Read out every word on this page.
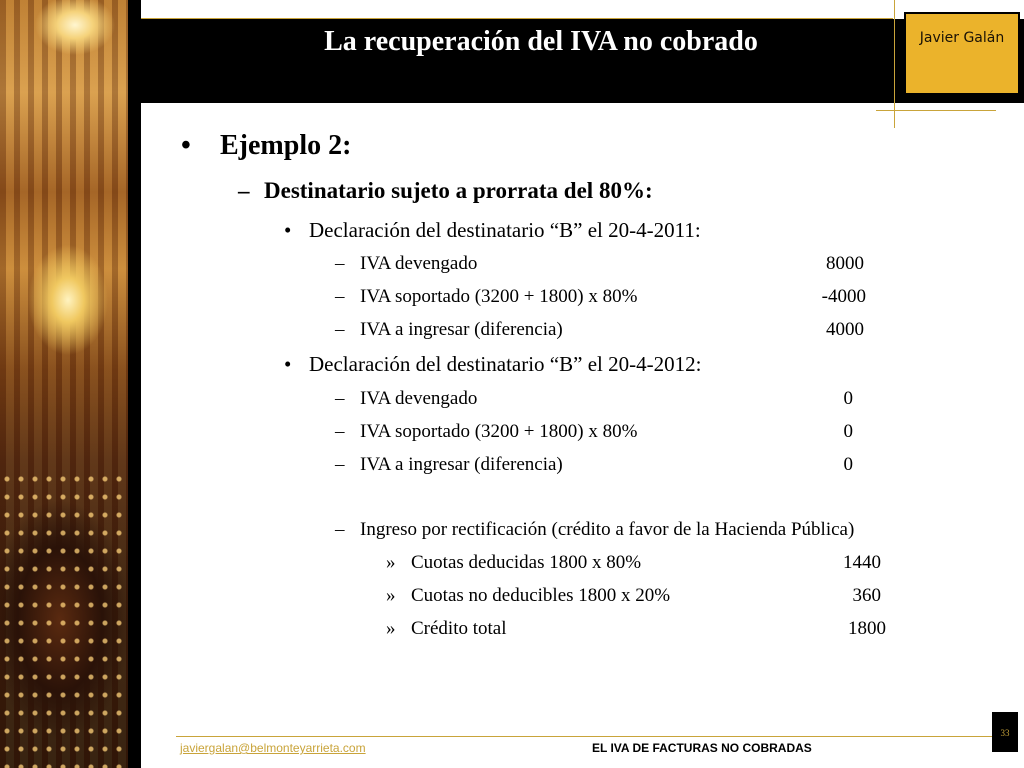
La recuperación del IVA no cobrado	Javier Galán
• Ejemplo 2:
– Destinatario sujeto a prorrata del 80%:
• Declaración del destinatario “B” el 20-4-2011:
– IVA devengado	8000
– IVA soportado (3200 + 1800) x 80%	-4000
– IVA a ingresar (diferencia)	4000
• Declaración del destinatario “B” el 20-4-2012:
– IVA devengado	0
– IVA soportado (3200 + 1800) x 80%	0
– IVA a ingresar (diferencia)	0
– Ingreso por rectificación (crédito a favor de la Hacienda Pública)
» Cuotas deducidas 1800 x 80%	1440
» Cuotas no deducibles 1800 x 20%	360
» Crédito total	1800
javiergalan@belmonteyarrieta.com	EL IVA DE FACTURAS NO COBRADAS
33
